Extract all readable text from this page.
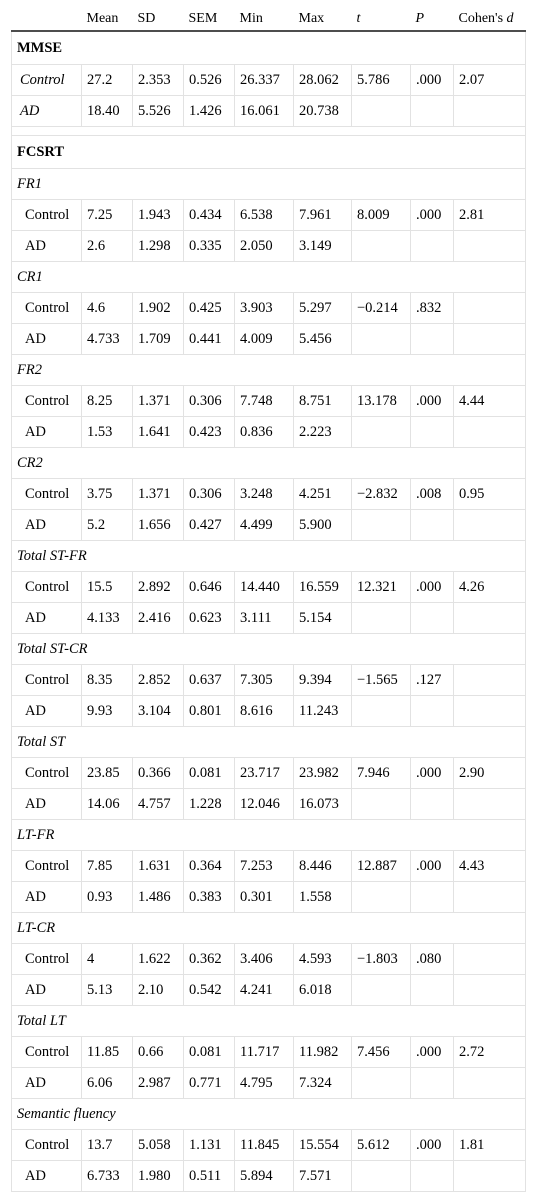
	Mean	SD	SEM	Min	Max	t	P	Cohen's d
MMSE								
Control	27.2	2.353	0.526	26.337	28.062	5.786	.000	2.07
AD	18.40	5.526	1.426	16.061	20.738			

FCSRT								
FR1								
Control	7.25	1.943	0.434	6.538	7.961	8.009	.000	2.81
AD	2.6	1.298	0.335	2.050	3.149			
CR1								
Control	4.6	1.902	0.425	3.903	5.297	−0.214	.832	
AD	4.733	1.709	0.441	4.009	5.456			
FR2								
Control	8.25	1.371	0.306	7.748	8.751	13.178	.000	4.44
AD	1.53	1.641	0.423	0.836	2.223			
CR2								
Control	3.75	1.371	0.306	3.248	4.251	−2.832	.008	0.95
AD	5.2	1.656	0.427	4.499	5.900			
Total ST-FR								
Control	15.5	2.892	0.646	14.440	16.559	12.321	.000	4.26
AD	4.133	2.416	0.623	3.111	5.154			
Total ST-CR								
Control	8.35	2.852	0.637	7.305	9.394	−1.565	.127	
AD	9.93	3.104	0.801	8.616	11.243			
Total ST								
Control	23.85	0.366	0.081	23.717	23.982	7.946	.000	2.90
AD	14.06	4.757	1.228	12.046	16.073			
LT-FR								
Control	7.85	1.631	0.364	7.253	8.446	12.887	.000	4.43
AD	0.93	1.486	0.383	0.301	1.558			
LT-CR								
Control	4	1.622	0.362	3.406	4.593	−1.803	.080	
AD	5.13	2.10	0.542	4.241	6.018			
Total LT								
Control	11.85	0.66	0.081	11.717	11.982	7.456	.000	2.72
AD	6.06	2.987	0.771	4.795	7.324			
Semantic fluency								
Control	13.7	5.058	1.131	11.845	15.554	5.612	.000	1.81
AD	6.733	1.980	0.511	5.894	7.571			
